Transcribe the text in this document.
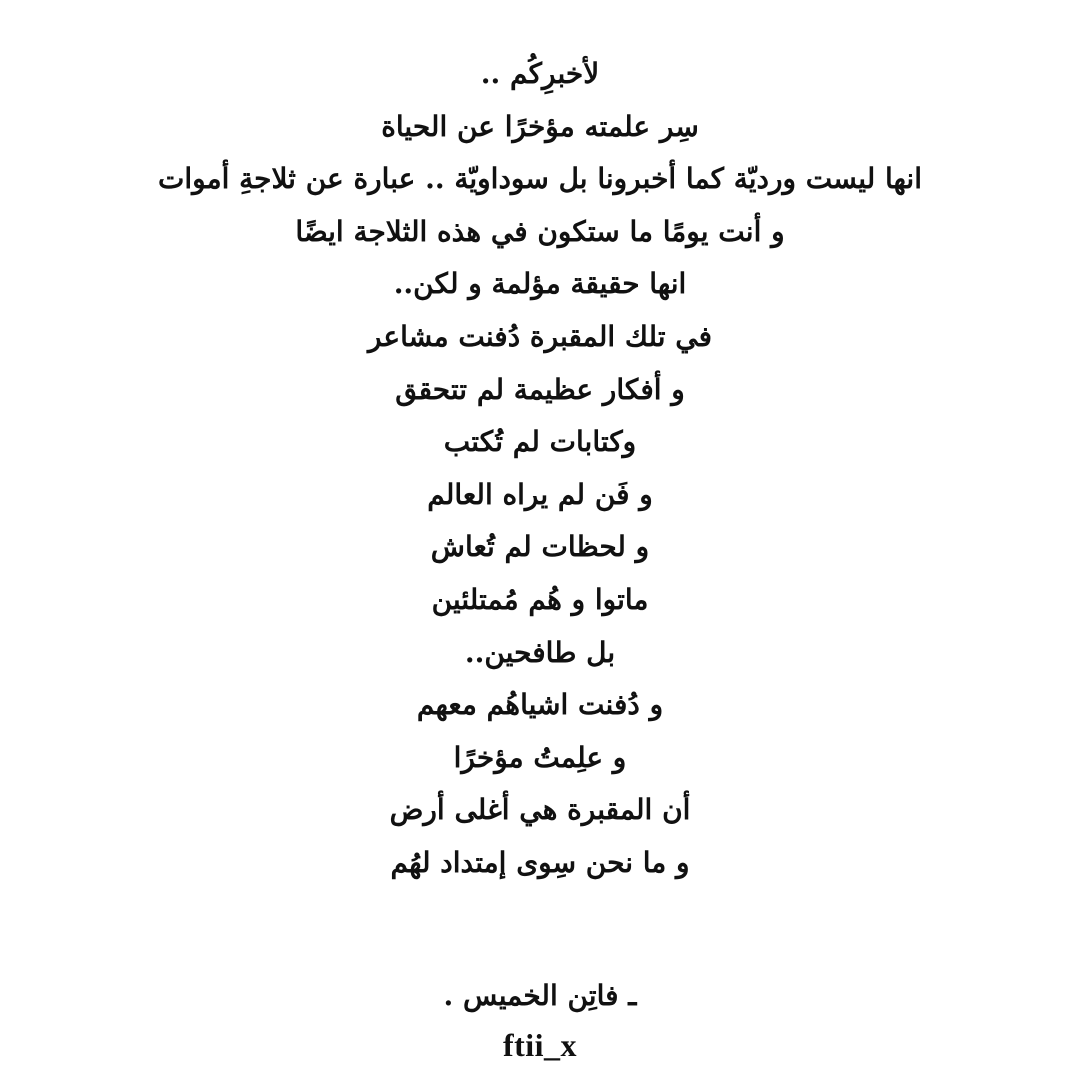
لأخبرِكُم ..
سِر علمته مؤخرًا عن الحياة
انها ليست ورديّة كما أخبرونا بل سوداويّة .. عبارة عن ثلاجةِ أموات
و أنت يومًا ما ستكون في هذه الثلاجة ايضًا
انها حقيقة مؤلمة و لكن..
في تلك المقبرة دُفنت مشاعر
و أفكار عظيمة لم تتحقق
وكتابات لم تُكتب
و فَن لم يراه العالم
و لحظات لم تُعاش
ماتوا و هُم مُمتلئين
بل طافحين..
و دُفنت اشياهُم معهم
و علِمتُ مؤخرًا
أن المقبرة هي أغلى أرض
و ما نحن سِوى إمتداد لهُم
ـ فاتِن الخميس .
ftii_x
